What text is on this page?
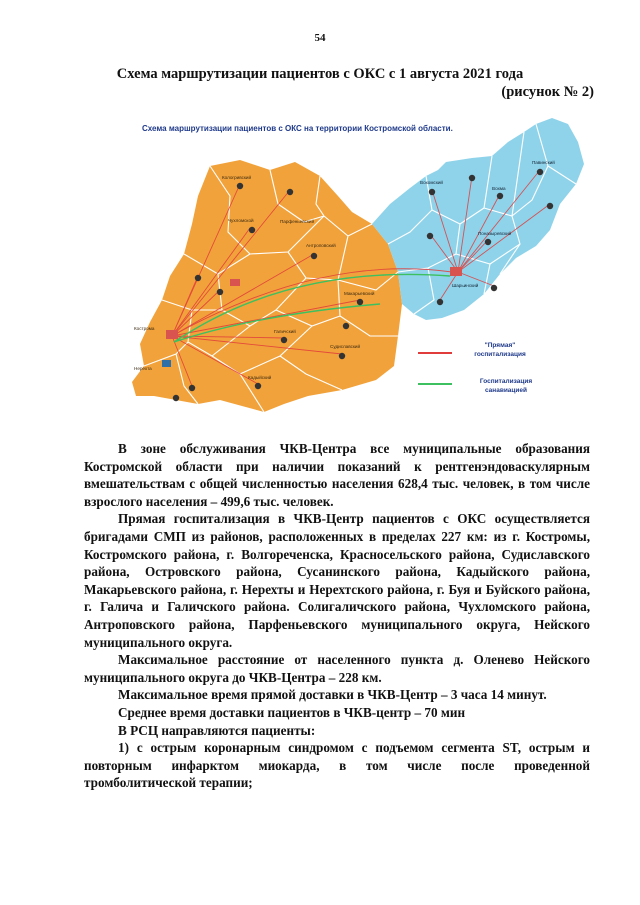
54
Схема маршрутизации пациентов с ОКС с 1 августа 2021 года
(рисунок № 2)
Схема маршрутизации пациентов с ОКС на территории Костромской области.
Антроповский
Парфеньевский
Кологривский
Галичский
Чухломской
Судиславский
Кострома
Нерехта
Макарьевский
Кадыйский
Вохомский
Шарьинский
Павинский
Поназыревский
Вохма
"Прямая"
госпитализация
Госпитализация
санавиацией

В зоне обслуживания ЧКВ-Центра все муниципальные образования Костромской области при наличии показаний к рентгенэндоваскулярным вмешательствам с общей численностью населения 628,4 тыс. человек, в том числе взрослого населения – 499,6 тыс. человек.

Прямая госпитализация в ЧКВ-Центр пациентов с ОКС осуществляется бригадами СМП из районов, расположенных в пределах 227 км: из г. Костромы, Костромского района, г. Волгореченска, Красносельского района, Судиславского района, Островского района, Сусанинского района, Кадыйского района, Макарьевского района, г. Нерехты и Нерехтского района, г. Буя и Буйского района, г. Галича и Галичского района. Солигаличского района, Чухломского района, Антроповского района, Парфеньевского муниципального округа, Нейского муниципального округа.

Максимальное расстояние от населенного пункта д. Оленево Нейского муниципального округа до ЧКВ-Центра – 228 км.

Максимальное время прямой доставки в ЧКВ-Центр – 3 часа 14 минут.

Среднее время доставки пациентов в ЧКВ-центр – 70 мин

В РСЦ направляются пациенты:

1) с острым коронарным синдромом с подъемом сегмента ST, острым и повторным инфарктом миокарда, в том числе после проведенной тромболитической терапии;
